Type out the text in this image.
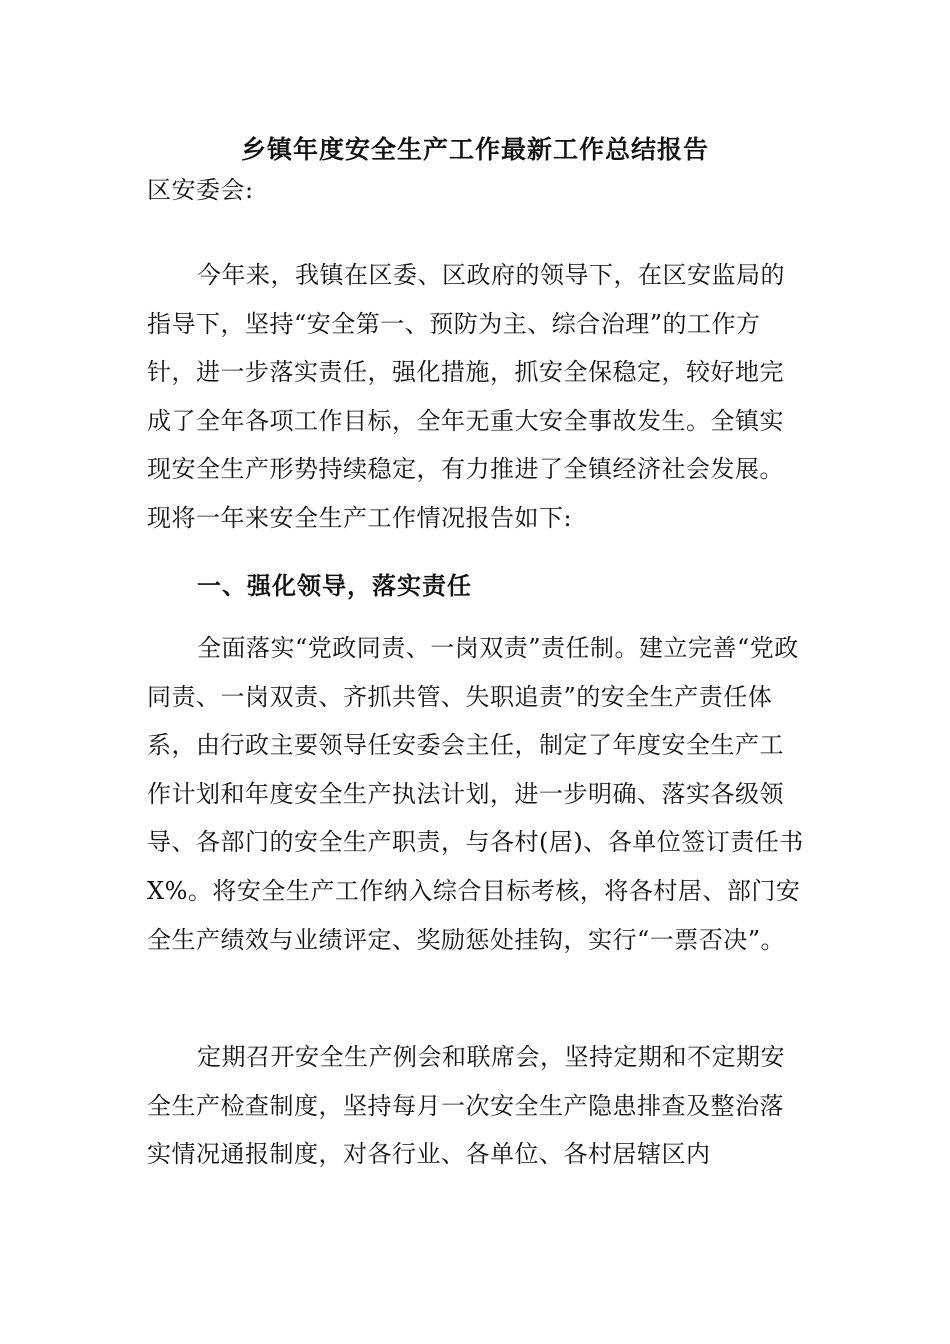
乡镇年度安全生产工作最新工作总结报告

区安委会:

今年来，我镇在区委、区政府的领导下，在区安监局的指导下，坚持“安全第一、预防为主、综合治理”的工作方针，进一步落实责任，强化措施，抓安全保稳定，较好地完成了全年各项工作目标，全年无重大安全事故发生。全镇实现安全生产形势持续稳定，有力推进了全镇经济社会发展。现将一年来安全生产工作情况报告如下:

一、强化领导，落实责任

全面落实“党政同责、一岗双责”责任制。建立完善“党政同责、一岗双责、齐抓共管、失职追责”的安全生产责任体系，由行政主要领导任安委会主任，制定了年度安全生产工作计划和年度安全生产执法计划，进一步明确、落实各级领导、各部门的安全生产职责，与各村(居)、各单位签订责任书X%。将安全生产工作纳入综合目标考核，将各村居、部门安全生产绩效与业绩评定、奖励惩处挂钩，实行“一票否决”。

定期召开安全生产例会和联席会，坚持定期和不定期安全生产检查制度，坚持每月一次安全生产隐患排查及整治落实情况通报制度，对各行业、各单位、各村居辖区内
